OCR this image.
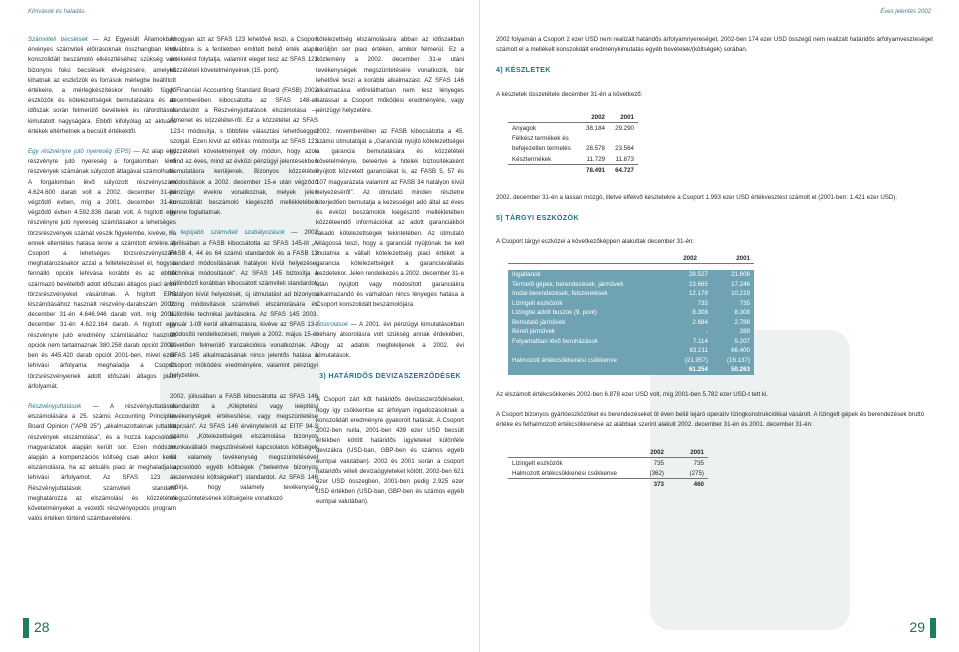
Kihívások és haladás

Számviteli becslések — Az Egyesült Államokban érvényes számviteli előírásoknak összhangban lévő konszolidált beszámoló elkészítéséhez szükség van bizonyos fokú becslések elvégzésére, amelyek kihatnak az eszközök és források mérlegbe beállított értékeire, a mérlegkészítéskor fennálló függő eszközök és kötelezettségek bemutatására és az időszak során felmerülő bevételek és ráfordítások kimutatott nagyságára. Ebből kifolyólag az aktuális értékek eltérhetnek a becsült értékektől.

Egy részvényre jutó nyereség (EPS) — Az alap egy részvényre jutó nyereség a forgalomban lévő részvények számának súlyozott átlagával számolható. A forgalomban lévő súlyozott részvényszám 4.624.600 darab volt a 2002. december 31-én végződő évben, míg a 2001. december 31-én végződő évben 4.592.836 darab volt. A hígított egy részvényre jutó nyereség számításakor a lehetséges törzsrészvények számát veszik figyelembe, kivéve, ha ennek ellentétes hatása lenne a számított értékre. A Csoport a lehetséges törzsrészvényszám meghatározásakor azzal a feltételezéssel él, hogy a fennálló opciók lehívása korábbi és az ebből származó bevételből adott időszaki átlagos piaci áron törzsrészvényeket vásárolnak. A hígított EPS kiszámításához használt részvény-darabszám 2002. december 31-én 4.646.946 darab volt, míg 2001. december 31-én 4.622.164 darab. A hígított egy részvényre jutó eredmény számításához használt opciók nem tartalmaznak 380.258 darab opciót 2002-ben és 445.420 darab opciót 2001-ben, mivel ezek lehívási árfolyama meghaladja a Csoport törzsrészvényeinek adott időszaki átlagos piaci árfolyamát.

Részvényjuttatások — A részvényjuttatások elszámolására a 25. számú Accounting Principles Board Opinion ("APB 25") „alkalmazottaknak juttatott részvények elszámolása", és a hozzá kapcsolódó magyarázatok alapján került sor. Ezen módszer alapján a kompenzációs költség csak akkor kerül elszámolásra, ha az aktuális piaci ár meghaladja a lehívási árfolyamot. Az SFAS 123 – Részvényjuttatások számviteli standard meghatározza az elszámolási és közzétételi követelményeket a vezetői részvényopciós program valós értéken történő számbavételére.

Ahogyan azt az SFAS 123 lehetővé teszi, a Csoport továbbra is a fentiekben említett belső érték alapú értékelést folytatja, valamint eleget tesz az SFAS 123 közzétételi követelményeinek (15. pont).

A Financial Accounting Standard Board (FASB) 2002 decemberében kibocsátotta az SFAS 148-as standardot a Részvényjuttatások elszámolása — Átmenet és közzététel-ről. Ez a közzététel az SFAS 123-t módosítja, s többféle választási lehetőséggel szolgál. Ezen kívül az előírás módosítja az SFAS 123 közzétételi követelményeit oly módon, hogy azok mind az éves, mind az évközi pénzügyi jelentésekben bemutatásra kerüljenek. Bizonyos közzétételi módosítások a 2002. december 15-e után végződő pénzügyi évekre vonatkoznak, melyek jelen konszolidált beszámoló kiegészítő mellékletében benne foglaltatnak.

A legújabb számviteli szabályozások — 2002 áprilisában a FASB kibocsátotta az SFAS 145-öt „A FASB 4, 44 és 64 számú standardok és a FASB 13 standard módosításának hatályon kívül helyezése, technikai módosítások". Az SFAS 145 biztosítja a különböző korábban kibocsátott számviteli standardok hatályon kívül helyezését, új útmutatást ad bizonyos lízing módosítások számviteli elszámolására és különféle technikai javításokra. Az SFAS 145 2003. január 1-től kerül alkalmazásra, kivéve az SFAS 13-t módosító rendelkezéseit, melyek a 2002. május 15-ét követően felmerülő tranzakciókra vonatkoznak. Az SFAS 145 alkalmazásának nincs jelentős hatása a Csoport működési eredményére, valamint pénzügyi helyzetére.

2002. júliusában a FASB kibocsátotta az SFAS 146 standardot a „Kiléptetési vagy leépítési tevékenységek értékesítése, vagy megszüntetése kapcsán". Az SFAS 146 érvényteleníti az EITF 94-3 számú „Kötelezettségek elszámolása bizonyos munkavállalói megszűnésével kapcsolatos költségek és valamely tevékenység megszüntetésével kapcsolódó egyéb költségek ("beleértve bizonyos átszervezési költségeket") standardot. Az SFAS 146 előírja, hogy valamely tevékenység megszüntetésének költségeire vonatkozó

kötelezettség elszámolására abban az időszakban kerüljön sor piaci értéken, amikor felmerül. Ez a közlemény a 2002. december 31-e utáni tevékenységek megszüntetésére vonatkozik, bár lehetővé teszi a korábbi alkalmazást. AZ SFAS 146 alkalmazása előreláthatóan nem lesz lényeges hatással a Csoport működési eredményére, vagy pénzügyi helyzetére.

2002. novemberében az FASB kibocsátotta a 45. számú útmutatóját a „Garanciát nyújtó kötelezettségei a garancia bemutatására és közzétételi követelményre, beleértve a hitelek biztosítékaként nyújtott közvetett garanciákat is, az FASB 5, 57 és 107 magyarázata valamint az FASB 34 hatályon kívül helyezéséről". Az útmutató minden részletre kiterjedően bemutatja a kezességet adó által az éves és évközi beszámolók kiegészítő mellékletében közzéteendő információkat az adott garanciákból fakadó kötelezettségek tekintetében. Az útmutató világossá teszi, hogy a garanciát nyújtónak be kell mutatnia a vállalt kötelezettség piaci értékét a garancia kötelezettségeit a garanciavállalás kezdetekor. Jelen rendelkezés a 2002. december 31-e után nyújtott vagy módosított garanciákra alkalmazandó és várhatóan nincs lényeges hatása a Csoport konszolidált beszámolójára.

Átsorolások — A 2001. évi pénzügyi kimutatásokban néhány átsorolásra volt szükség annak érdekében, hogy az adatok megfeleljenek a 2002. évi kimutatások.

3) HATÁRIDŐS DEVIZASZERZŐDÉSEK

A Csoport zárt kőt határidős devizaszerződéseket, hogy így csökkentse az árfolyam ingadozásoknak a konszolidált eredményre gyakorolt hatását. A Csoport 2002-ben nulla, 2001-ben 439 ezer USD becsült értékben kötött határidős ügyleteket különféle devizákra (USD-ban, GBP-ben és számos egyéb európai valutában). 2002 és 2001 során a csoport határidős vételi devizaügyleteket kötött, 2002-ben 621 ezer USD összegben, 2001-ben pedig 2.925 ezer USD értékben (USD-ban, GBP-ben és számos egyéb európai valutában).

28
Éves jelentés 2002

2002 folyamán a Csoport 2 ezer USD nem realizált határidős árfolyamnyereséget, 2002-ben 174 ezer USD összegű nem realizált határidős árfolyamveszteséget számolt el a mellékelt konszolidált eredménykimutatás egyéb bevételek/(költségek) sorában.

4) KÉSZLETEK

A készletek összetétele december 31-én a következő:

	2002	2001
Anyagok	38.184	29.290
Félkész termékek és		
befejezetlen termelés	28.578	23.564
Késztermékek	11.729	11.873
	78.491	64.727

2002. december 31-én a lassan mozgó, illetve elfekvő készletekre a Csoport 1.993 ezer USD értékvesztést számolt el (2001-ben: 1.421 ezer USD).

5) TÁRGYI ESZKÖZÖK

A Csoport tárgyi eszközei a következőképpen alakultak december 31-én:

	2002	2001
Ingatlanok	28.527	21.608
Termelő gépek, berendezések, járművek	23.665	17.246
Irodai berendezések, felszerelések	12.178	10.219
Lízingelt eszközök	735	735
Lízingbe adott buszok (9. pont)	8.308	8.308
Bemutató járművek	2.684	2.788
Bérelt járművek	-	289
Folyamatban lévő beruházások	7.114	5.207
	83.211	66.400
Halmozott értékcsökkenési csökkenve	(21.957)	(16.137)
	61.254	50.263

Az elszámolt értékcsökkenés 2002-ben 6.878 ezer USD volt, míg 2001-ben 5.782 ezer USD-t tett ki.

A Csoport bizonyos gyártóeszközöket és berendezéseket öt éven belül lejáró operatív lízingkonstrukciókkal vásárolt. A lízingelt gépek és berendezések bruttó értéke és felhalmozott értékcsökkenése az alábbiak szerint alakult 2002. december 31-én és 2001. december 31-én:

	2002	2001
Lízingelt eszközök	735	735
Halmozott értékcsökkenési csökkenve	(362)	(275)
	373	460
29
